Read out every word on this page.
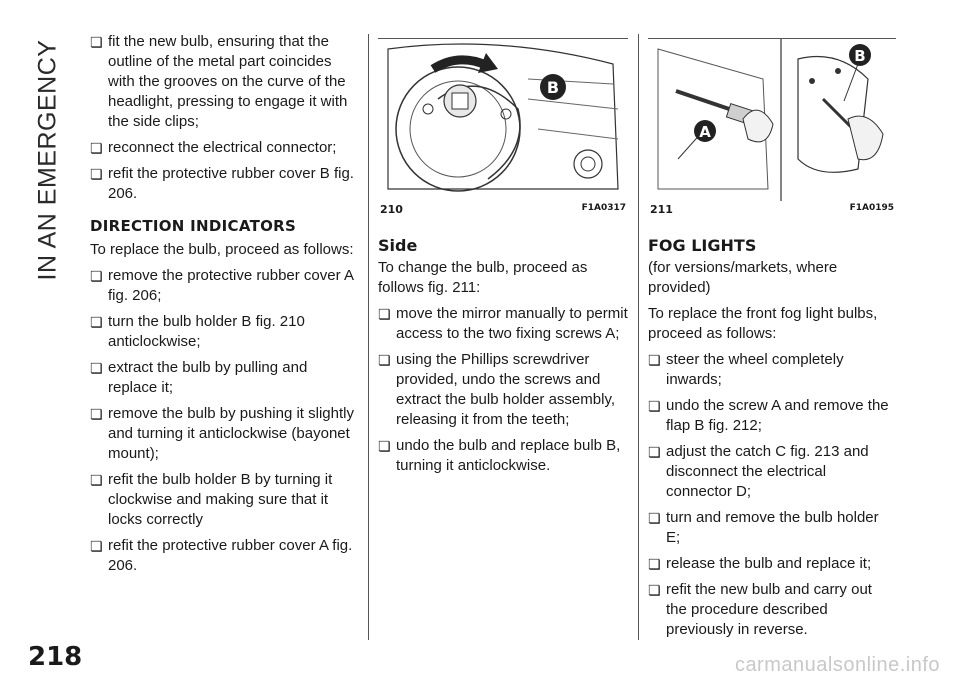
IN AN EMERGENCY
❏	fit the new bulb, ensuring that the outline of the metal part coincides with the grooves on the curve of the headlight, pressing to engage it with the side clips;
❏ reconnect the electrical connector;
❏ refit the protective rubber cover B fig. 206.
DIRECTION INDICATORS

To replace the bulb, proceed as follows:

❏ remove the protective rubber cover A fig. 206;
❏ turn the bulb holder B fig. 210 anticlockwise;
❏ extract the bulb by pulling and replace it;
❏ remove the bulb by pushing it slightly and turning it anticlockwise (bayonet mount);
❏ refit the bulb holder B by turning it clockwise and making sure that it locks correctly
❏ refit the protective rubber cover A fig. 206.
B
210	F1A0317
Side

To change the bulb, proceed as follows fig. 211:

❏ move the mirror manually to permit access to the two fixing screws A;
❏ using the Phillips screwdriver provided, undo the screws and extract the bulb holder assembly, releasing it from the teeth;
❏ undo the bulb and replace bulb B, turning it anticlockwise.
A
B
211	F1A0195
FOG LIGHTS

(for versions/markets, where provided)

To replace the front fog light bulbs, proceed as follows:

❏ steer the wheel completely inwards;
❏ undo the screw A and remove the flap B fig. 212;
❏ adjust the catch C fig. 213 and disconnect the electrical connector D;
❏ turn and remove the bulb holder E;
❏ release the bulb and replace it;
❏ refit the new bulb and carry out the procedure described previously in reverse.
218	carmanualsonline.info
